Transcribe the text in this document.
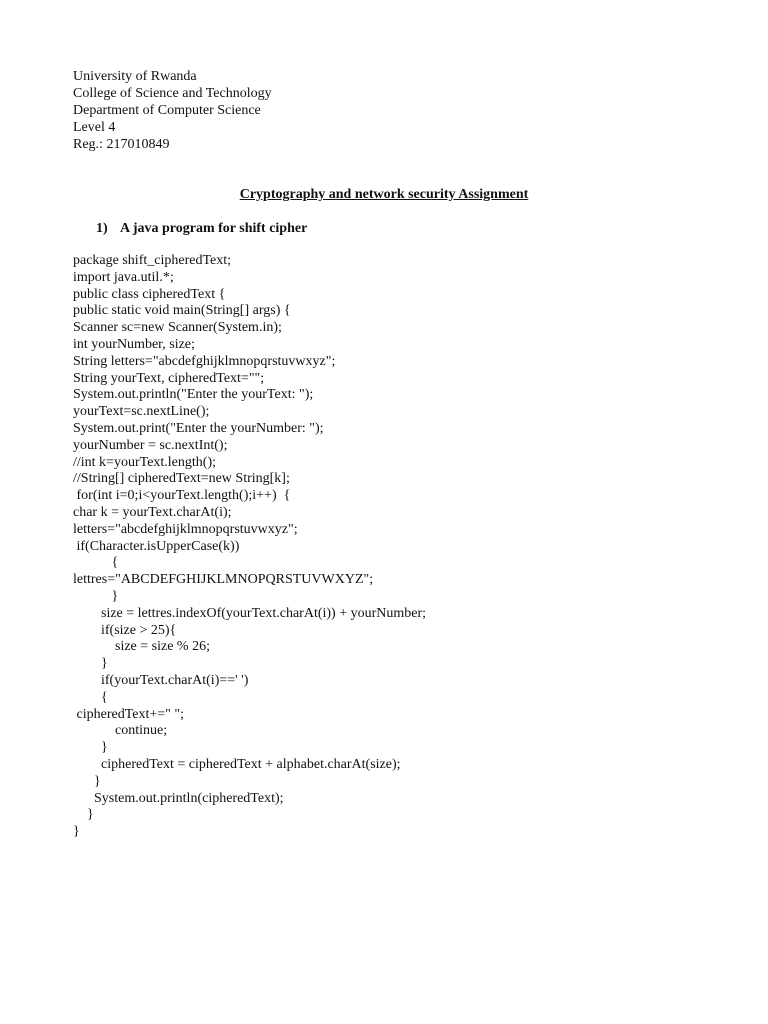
University of Rwanda
College of Science and Technology
Department of Computer Science
Level 4
Reg.: 217010849
Cryptography and network security Assignment
1) A java program for shift cipher
package shift_cipheredText;
import java.util.*;
public class cipheredText {
public static void main(String[] args) {
Scanner sc=new Scanner(System.in);
int yourNumber, size;
String letters="abcdefghijklmnopqrstuvwxyz";
String yourText, cipheredText="";
System.out.println("Enter the yourText: ");
yourText=sc.nextLine();
System.out.print("Enter the yourNumber: ");
yourNumber = sc.nextInt();
//int k=yourText.length();
//String[] cipheredText=new String[k];
for(int i=0;i<yourText.length();i++)  {
char k = yourText.charAt(i);
letters="abcdefghijklmnopqrstuvwxyz";
if(Character.isUpperCase(k))
{
lettres="ABCDEFGHIJKLMNOPQRSTUVWXYZ";
}
size = lettres.indexOf(yourText.charAt(i)) + yourNumber;
if(size > 25){
size = size % 26;
}
if(yourText.charAt(i)==' ')
{
cipheredText+=" ";
continue;
}
cipheredText = cipheredText + alphabet.charAt(size);
}
System.out.println(cipheredText);
}
}
